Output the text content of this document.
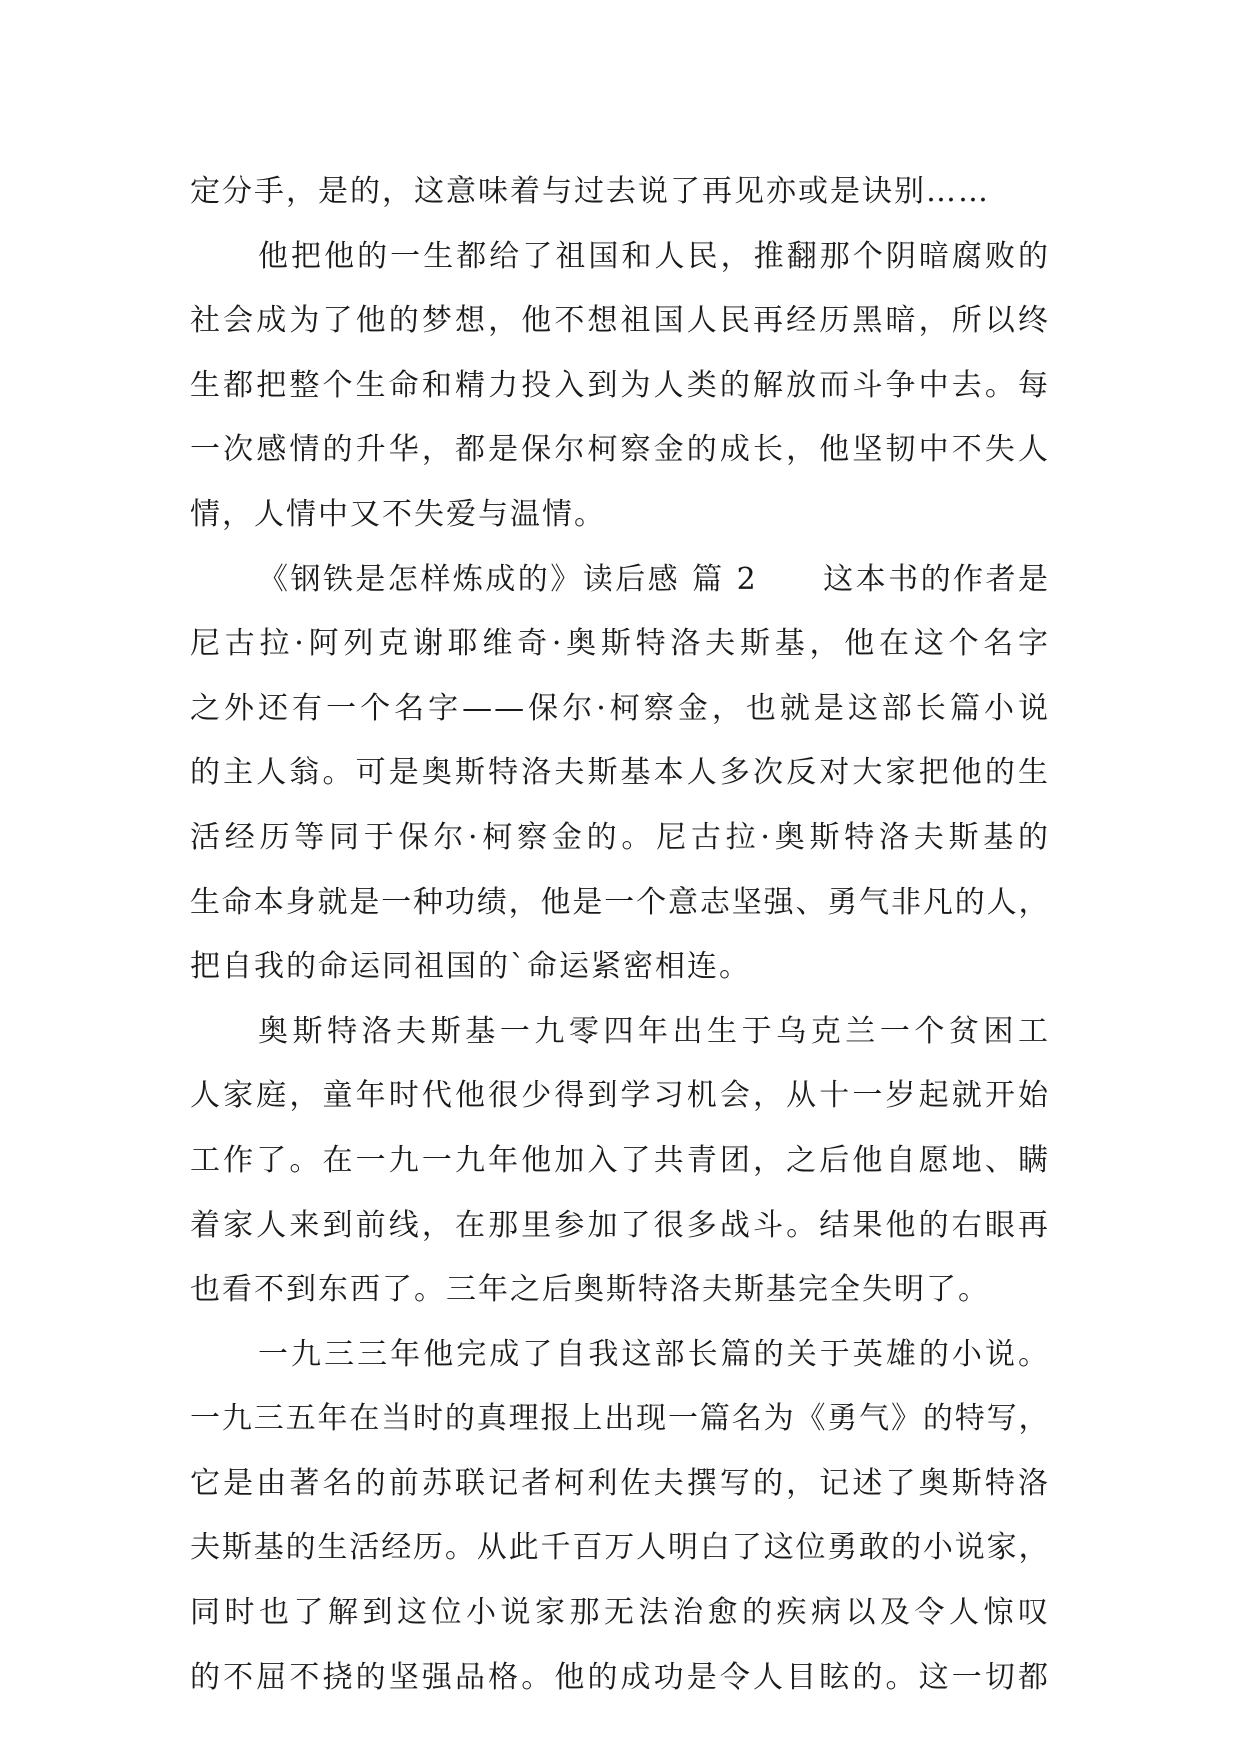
定分手，是的，这意味着与过去说了再见亦或是诀别……
他把他的一生都给了祖国和人民，推翻那个阴暗腐败的
社会成为了他的梦想，他不想祖国人民再经历黑暗，所以终
生都把整个生命和精力投入到为人类的解放而斗争中去。每
一次感情的升华，都是保尔柯察金的成长，他坚韧中不失人
情，人情中又不失爱与温情。
《钢铁是怎样炼成的》读后感 篇 2　　这本书的作者是
尼古拉·阿列克谢耶维奇·奥斯特洛夫斯基，他在这个名字
之外还有一个名字——保尔·柯察金，也就是这部长篇小说
的主人翁。可是奥斯特洛夫斯基本人多次反对大家把他的生
活经历等同于保尔·柯察金的。尼古拉·奥斯特洛夫斯基的
生命本身就是一种功绩，他是一个意志坚强、勇气非凡的人，
把自我的命运同祖国的`命运紧密相连。
奥斯特洛夫斯基一九零四年出生于乌克兰一个贫困工
人家庭，童年时代他很少得到学习机会，从十一岁起就开始
工作了。在一九一九年他加入了共青团，之后他自愿地、瞒
着家人来到前线，在那里参加了很多战斗。结果他的右眼再
也看不到东西了。三年之后奥斯特洛夫斯基完全失明了。
一九三三年他完成了自我这部长篇的关于英雄的小说。
一九三五年在当时的真理报上出现一篇名为《勇气》的特写，
它是由著名的前苏联记者柯利佐夫撰写的，记述了奥斯特洛
夫斯基的生活经历。从此千百万人明白了这位勇敢的小说家，
同时也了解到这位小说家那无法治愈的疾病以及令人惊叹
的不屈不挠的坚强品格。他的成功是令人目眩的。这一切都
